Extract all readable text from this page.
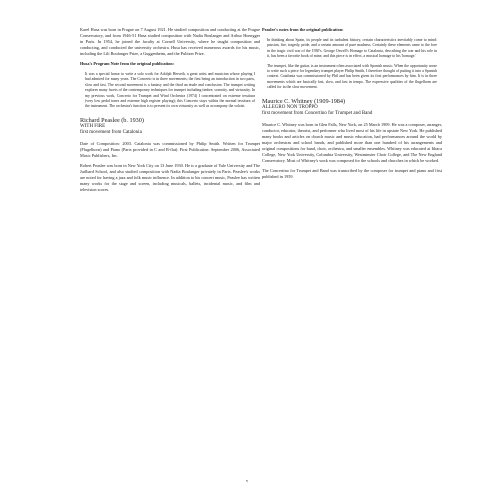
Karel Husa was born in Prague on 7 August 1921. He studied composition and conducting at the Prague Conservatory, and from 1946-51 Husa studied composition with Nadia Boulanger and Arthur Honegger in Paris. In 1954, he joined the faculty at Cornell University, where he taught composition and conducting, and conducted the university orchestra. Husa has received numerous awards for his music, including the Lili Boulanger Prize, a Guggenheim, and the Pulitzer Prize.

Husa's Program Note from the original publication:

It was a special honor to write a solo work for Adolph Herseth, a great artist and musician whose playing I had admired for many years. The Concerto is in three movements; the first being an introduction in two parts, slow and fast. The second movement is a fantasy and the third an etude and conclusion. The trumpet writing explores many facets of the contemporary techniques for trumpet including timbre, sonority, and virtuosity. In my previous work, Concerto for Trumpet and Wind Orchestra (1974) I concentrated on extreme tessitura (very low pedal tones and extreme high register playing); this Concerto stays within the normal tessitura of the instrument. The orchestra's function is to present its own virtuosity as well as accompany the soloist.

Richard Peaslee (b. 1930)
WITH FIRE
first movement from Catalonia

Date of Composition: 2003. Catalonia was commissioned by Philip Smith. Written for Trumpet (Flugelhorn) and Piano (Parts provided in C and B-flat). First Publication: September 2006, Associated Music Publishers, Inc.

Robert Peaslee was born in New York City on 13 June 1930. He is a graduate of Yale University and The Juilliard School, and also studied composition with Nadia Boulanger privately in Paris. Peaslee's works are noted for having a jazz and folk music influence. In addition to his concert music, Peaslee has written many works for the stage and screen, including musicals, ballets, incidental music, and film and television scores.

Peaslee's notes from the original publication:

In thinking about Spain, its people and its turbulent history, certain characteristics inevitably come to mind: passion, fire, tragedy, pride, and a certain amount of pure madness. Certainly these elements came to the fore in the tragic civil war of the 1930's. George Orwell's Homage to Catalonia, describing the war and his role in it, has been a favorite book of mine, and this piece is in effect, a musical homage to his 'homage.'

The trumpet, like the guitar, is an instrument often associated with Spanish music. When the opportunity arose to write such a piece for legendary trumpet player Philip Smith, I therefore thought of putting it into a Spanish context. Catalonia was commissioned by Phil and has been given its first performances by him. It is in three movements which are basically fast, slow, and fast in tempo. The expressive qualities of the flugelhorn are called for in the slow movement.

Maurice C. Whitney (1909-1984)
ALLEGRO NON TROPPO
first movement from Concertino for Trumpet and Band

Maurice C. Whitney was born in Glen Falls, New York, on 25 March 1909. He was a composer, arranger, conductor, educator, theorist, and performer who lived most of his life in upstate New York. He published many books and articles on church music and music education, had performances around the world by major orchestras and school bands, and published more than one hundred of his arrangements and original compositions for band, choir, orchestra, and smaller ensembles. Whitney was educated at Ithaca College, New York University, Columbia University, Westminster Choir College, and The New England Conservatory. Most of Whitney's work was composed for the schools and churches in which he worked.

The Concertino for Trumpet and Band was transcribed by the composer for trumpet and piano and first published in 1959.

v
